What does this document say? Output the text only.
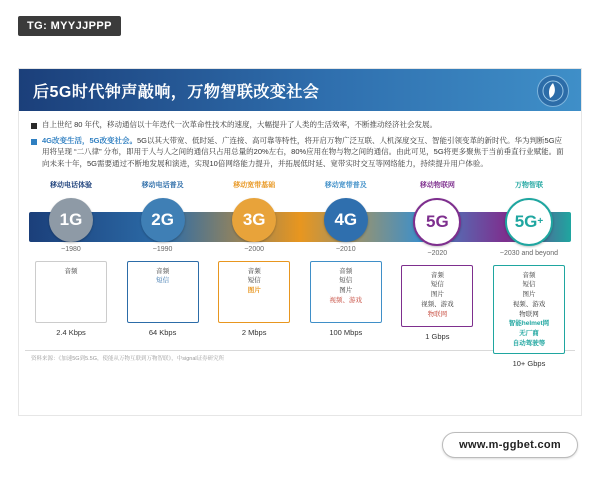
TG: MYYJJPPP
后5G时代钟声敲响，万物智联改变社会
自上世纪 80 年代，移动通信以十年迭代一次革命性技术的速度，大幅提升了人类的生活效率，不断推动经济社会发展。
4G改变生活，5G改变社会。5G以其大带宽、低时延、广连接、高可靠等特性，将开启万物广泛互联、人机深度交互、智能引领变革的新时代。华为判断5G应用将呈现 “二八律” 分布，即用于人与人之间的通信只占用总量的20%左右，80%应用在物与物之间的通信。由此可见，5G将更多聚焦于当前垂直行业赋能。面向未来十年，5G需要通过不断地发展和演进，实现10倍网络能力提升，并拓展低时延、宽带实时交互等网络能力，持续提升用户体验。
移动电话体验
1G
~1980
音频
2.4 Kbps
移动电话普及
2G
~1990
音频
短信
64 Kbps
移动宽带基础
3G
~2000
音频
短信
图片
2 Mbps
移动宽带普及
4G
~2010
音频
短信
图片
视频、游戏
100 Mbps
移动物联网
5G
~2020
音频
短信
图片
视频、游戏
物联网
1 Gbps
万物智联
5G +
~2030 and beyond
音频
短信
图片
视频、游戏
物联网
智能helmet网
无厂商
自动驾驶等
10+ Gbps
资料来源：《加速5G到5.5G，使能从万物互联到万物智联》，中signal证券研究所
www.m-ggbet.com
